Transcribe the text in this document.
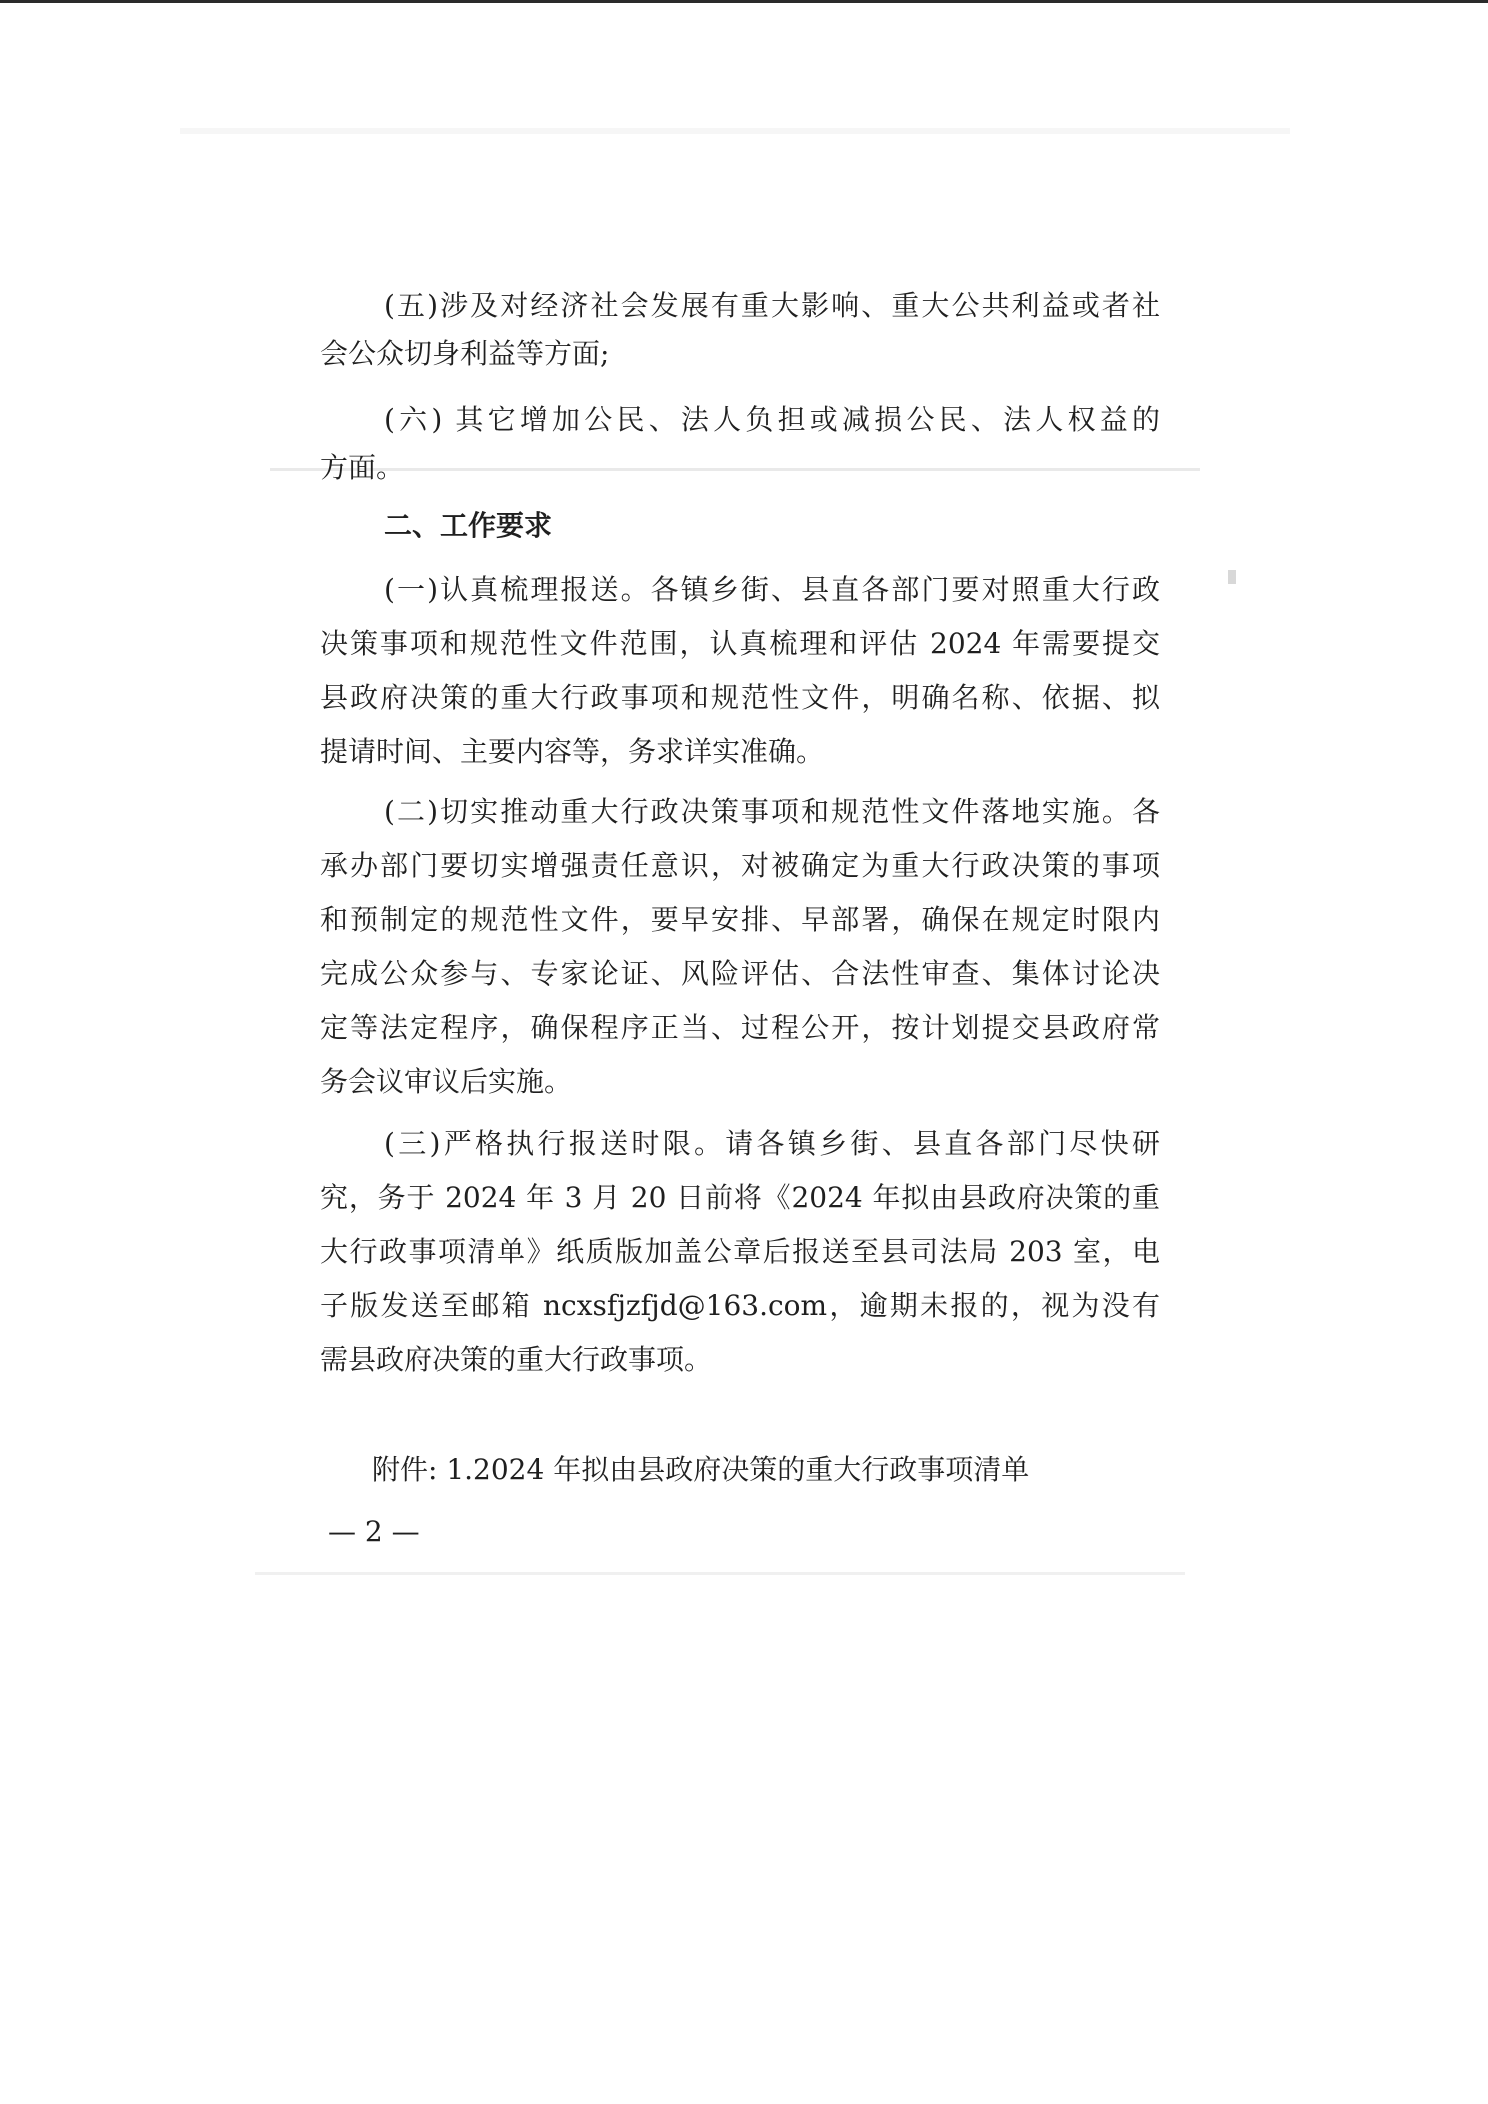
(五)涉及对经济社会发展有重大影响、重大公共利益或者社
会公众切身利益等方面;
(六) 其它增加公民、法人负担或减损公民、法人权益的
方面。
二、工作要求
(一)认真梳理报送。各镇乡街、县直各部门要对照重大行政
决策事项和规范性文件范围，认真梳理和评估 2024 年需要提交
县政府决策的重大行政事项和规范性文件，明确名称、依据、拟
提请时间、主要内容等，务求详实准确。
(二)切实推动重大行政决策事项和规范性文件落地实施。各
承办部门要切实增强责任意识，对被确定为重大行政决策的事项
和预制定的规范性文件，要早安排、早部署，确保在规定时限内
完成公众参与、专家论证、风险评估、合法性审查、集体讨论决
定等法定程序，确保程序正当、过程公开，按计划提交县政府常
务会议审议后实施。
(三)严格执行报送时限。请各镇乡街、县直各部门尽快研
究，务于 2024 年 3 月 20 日前将《2024 年拟由县政府决策的重
大行政事项清单》纸质版加盖公章后报送至县司法局 203 室，电
子版发送至邮箱 ncxsfjzfjd@163.com，逾期未报的，视为没有
需县政府决策的重大行政事项。
附件: 1.2024 年拟由县政府决策的重大行政事项清单
— 2 —
